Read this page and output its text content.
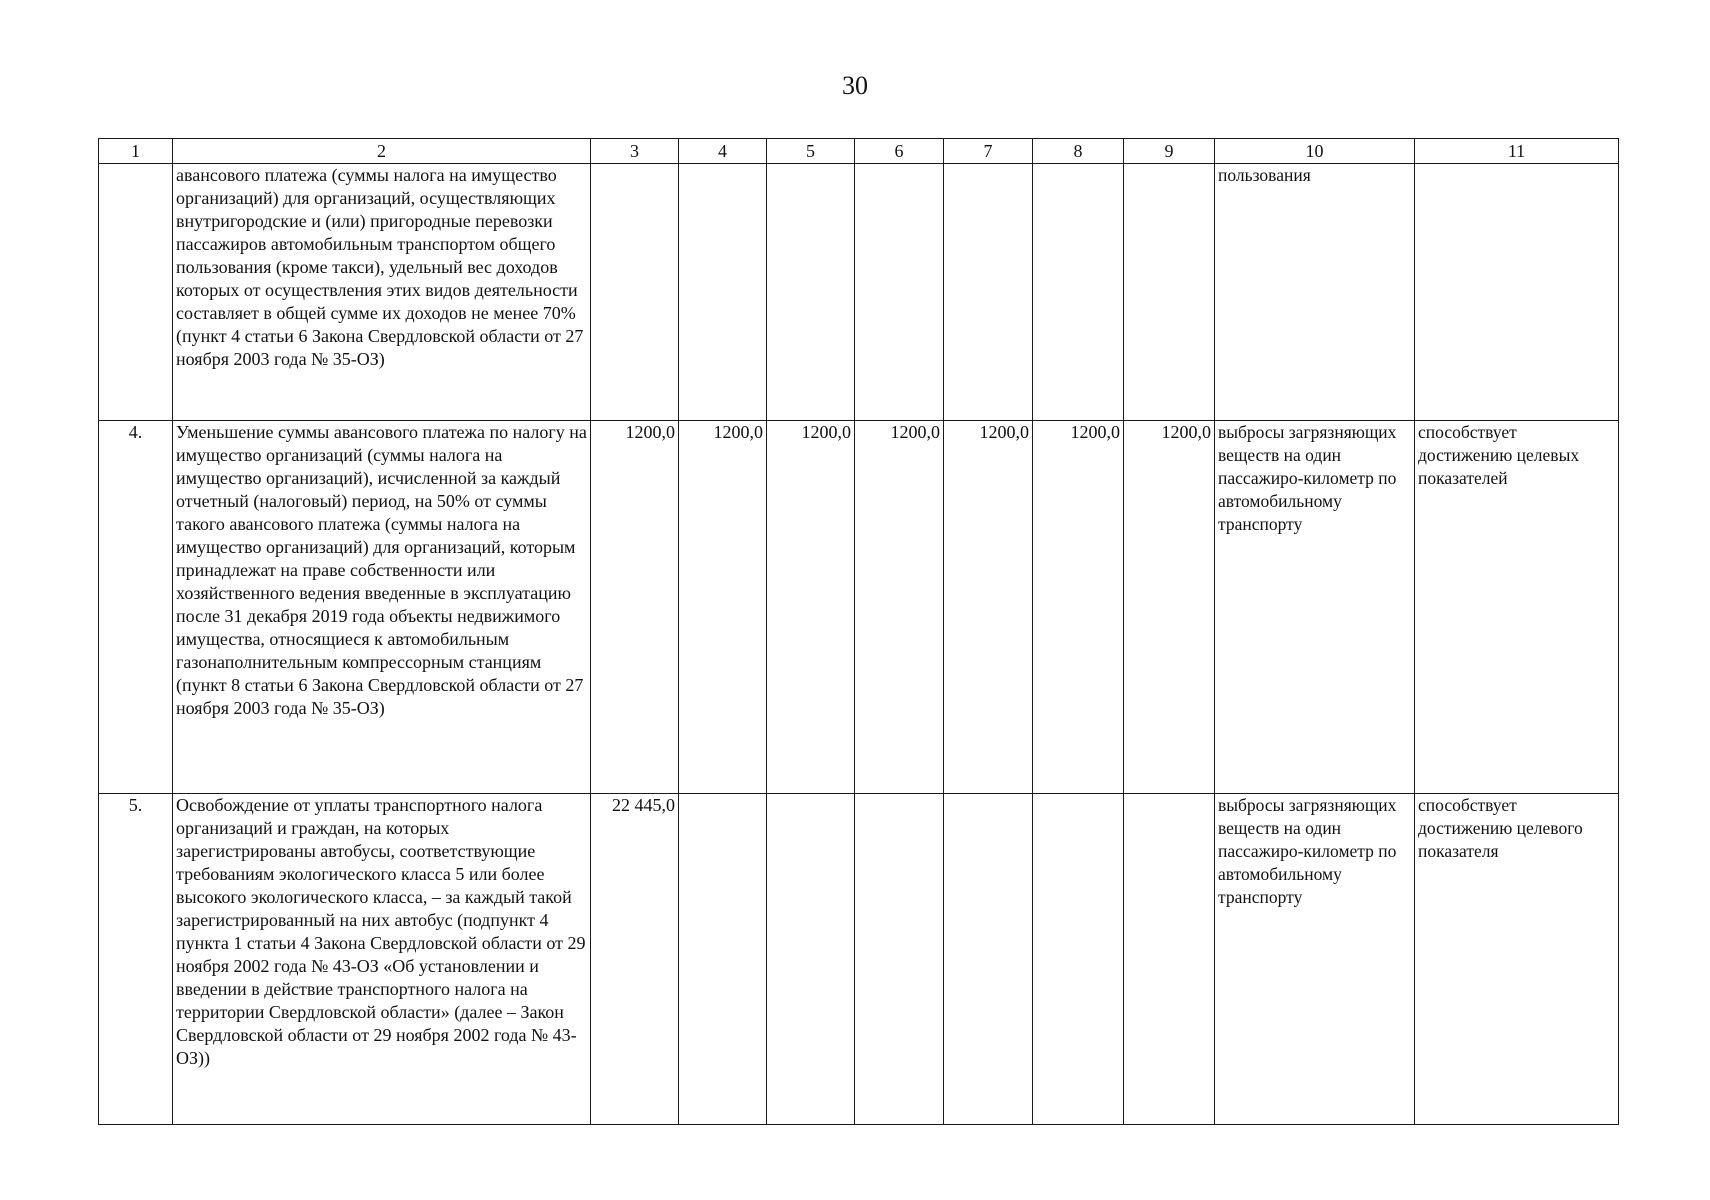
30
1	2	3	4	5	6	7	8	9	10	11
	авансового платежа (суммы налога на имущество организаций) для организаций, осуществляющих внутригородские и (или) пригородные перевозки пассажиров автомобильным транспортом общего пользования (кроме такси), удельный вес доходов которых от осуществления этих видов деятельности составляет в общей сумме их доходов не менее 70% (пункт 4 статьи 6 Закона Свердловской области от 27 ноября 2003 года № 35-ОЗ)								пользования	
4.	Уменьшение суммы авансового платежа по налогу на имущество организаций (суммы налога на имущество организаций), исчисленной за каждый отчетный (налоговый) период, на 50% от суммы такого авансового платежа (суммы налога на имущество организаций) для организаций, которым принадлежат на праве собственности или хозяйственного ведения введенные в эксплуатацию после 31 декабря 2019 года объекты недвижимого имущества, относящиеся к автомобильным газонаполнительным компрессорным станциям (пункт 8 статьи 6 Закона Свердловской области от 27 ноября 2003 года № 35-ОЗ)	1200,0	1200,0	1200,0	1200,0	1200,0	1200,0	1200,0	выбросы загрязняющих веществ на один пассажиро-километр по автомобильному транспорту	способствует достижению целевых показателей
5.	Освобождение от уплаты транспортного налога организаций и граждан, на которых зарегистрированы автобусы, соответствующие требованиям экологического класса 5 или более высокого экологического класса, – за каждый такой зарегистрированный на них автобус (подпункт 4 пункта 1 статьи 4 Закона Свердловской области от 29 ноября 2002 года № 43-ОЗ «Об установлении и введении в действие транспортного налога на территории Свердловской области» (далее – Закон Свердловской области от 29 ноября 2002 года № 43-ОЗ))	22 445,0							выбросы загрязняющих веществ на один пассажиро-километр по автомобильному транспорту	способствует достижению целевого показателя
